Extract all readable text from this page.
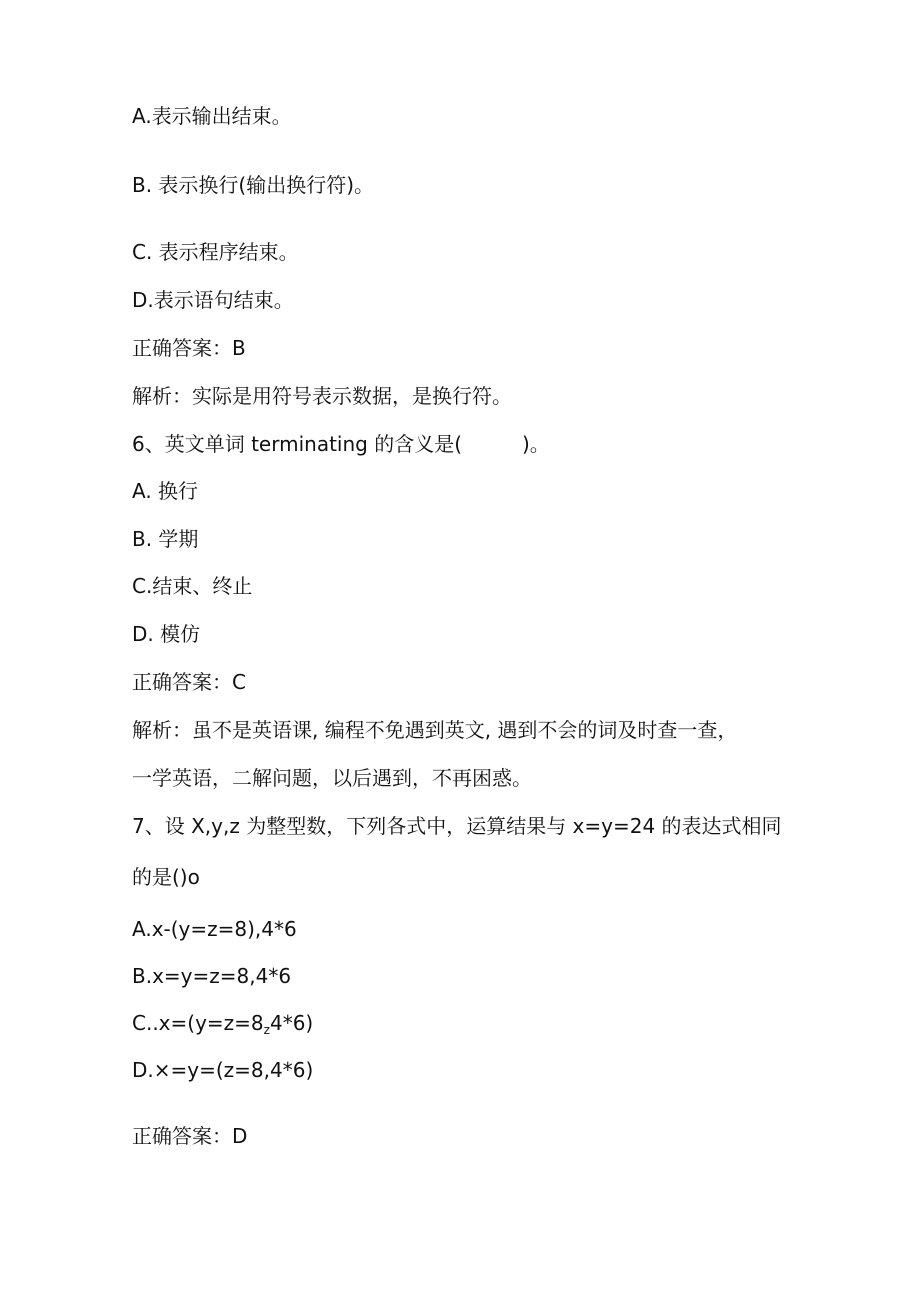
A.表示输出结束。
B. 表示换行(输出换行符)。
C. 表示程序结束。
D.表示语句结束。
正确答案：B
解析：实际是用符号表示数据，是换行符。
6、英文单词 terminating 的含义是(　　　)。
A. 换行
B. 学期
C.结束、终止
D. 模仿
正确答案：C
解析：虽不是英语课, 编程不免遇到英文, 遇到不会的词及时查一查，
一学英语，二解问题，以后遇到，不再困惑。
7、设 X,y,z 为整型数，下列各式中，运算结果与 x=y=24 的表达式相同
的是()o
A.x-(y=z=8),4*6
B.x=y=z=8,4*6
$C..x=(y=z=8_z4*6)$
D.×=y=(z=8,4*6)
正确答案：D
